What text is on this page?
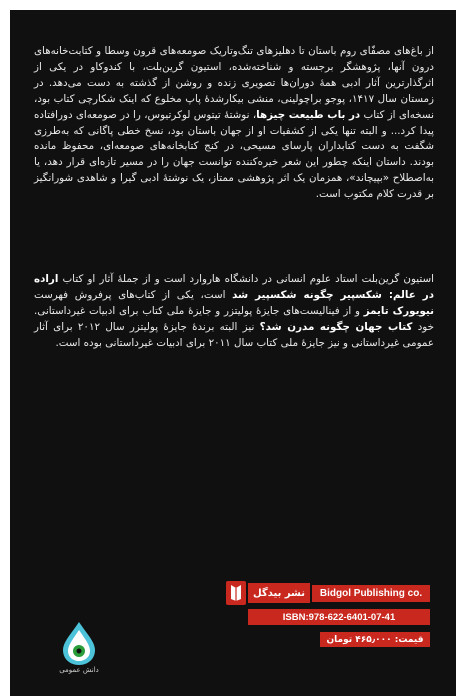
از باغ‌های مصفّای روم باستان تا دهلیزهای تنگ‌وتاریک صومعه‌های قرون وسطا و کتابت‌خانه‌های درون آنها، پژوهشگر برجسته و شناخته‌شده، استیون گرین‌بلت، با کندوکاو در یکی از اثرگذارترین آثار ادبی همهٔ دوران‌ها تصویری زنده و روشن از گذشته به دست می‌دهد. در زمستان سال ۱۴۱۷، پوجو براچولینی، منشی بیکارشدهٔ پاپ مخلوع که اینک شکارچی کتاب بود، نسخه‌ای از کتاب در باب طبیعت چیزها، نوشتهٔ تیتوس لوکرتیوس، را در صومعه‌ای دورافتاده پیدا کرد... و البته تنها یکی از کشفیات او از جهان باستان بود، نسخ خطی پاگانی که به‌طرزی شگفت به دست کتابداران پارسای مسیحی، در کنج کتابخانه‌های صومعه‌ای، محفوظ مانده بودند. داستان اینکه چطور این شعر خیره‌کننده توانست جهان را در مسیر تازه‌ای قرار دهد، یا به‌اصطلاح «بپیچاند»، همزمان یک اثر پژوهشی ممتاز، یک نوشتهٔ ادبی گیرا و شاهدی شورانگیز بر قدرت کلام مکتوب است.

استیون گرین‌بلت استاد علوم انسانی در دانشگاه هاروارد است و از جملهٔ آثار او کتاب اراده در عالم: شکسپیر چگونه شکسپیر شد است، یکی از کتاب‌های پرفروش فهرست نیویورک تایمز و از فینالیست‌های جایزهٔ پولیتزر و جایزهٔ ملی کتاب برای ادبیات غیرداستانی. خود کتاب جهان چگونه مدرن شد؟ نیز البته برندهٔ جایزهٔ پولیتزر سال ۲۰۱۲ برای آثار عمومی غیرداستانی و نیز جایزهٔ ملی کتاب سال ۲۰۱۱ برای ادبیات غیرداستانی بوده است.

دانش عمومی
نشر بیدگل	Bidgol Publishing co.
ISBN:978-622-6401-07-41
قیمت: ۴۶۵٫۰۰۰ تومان
